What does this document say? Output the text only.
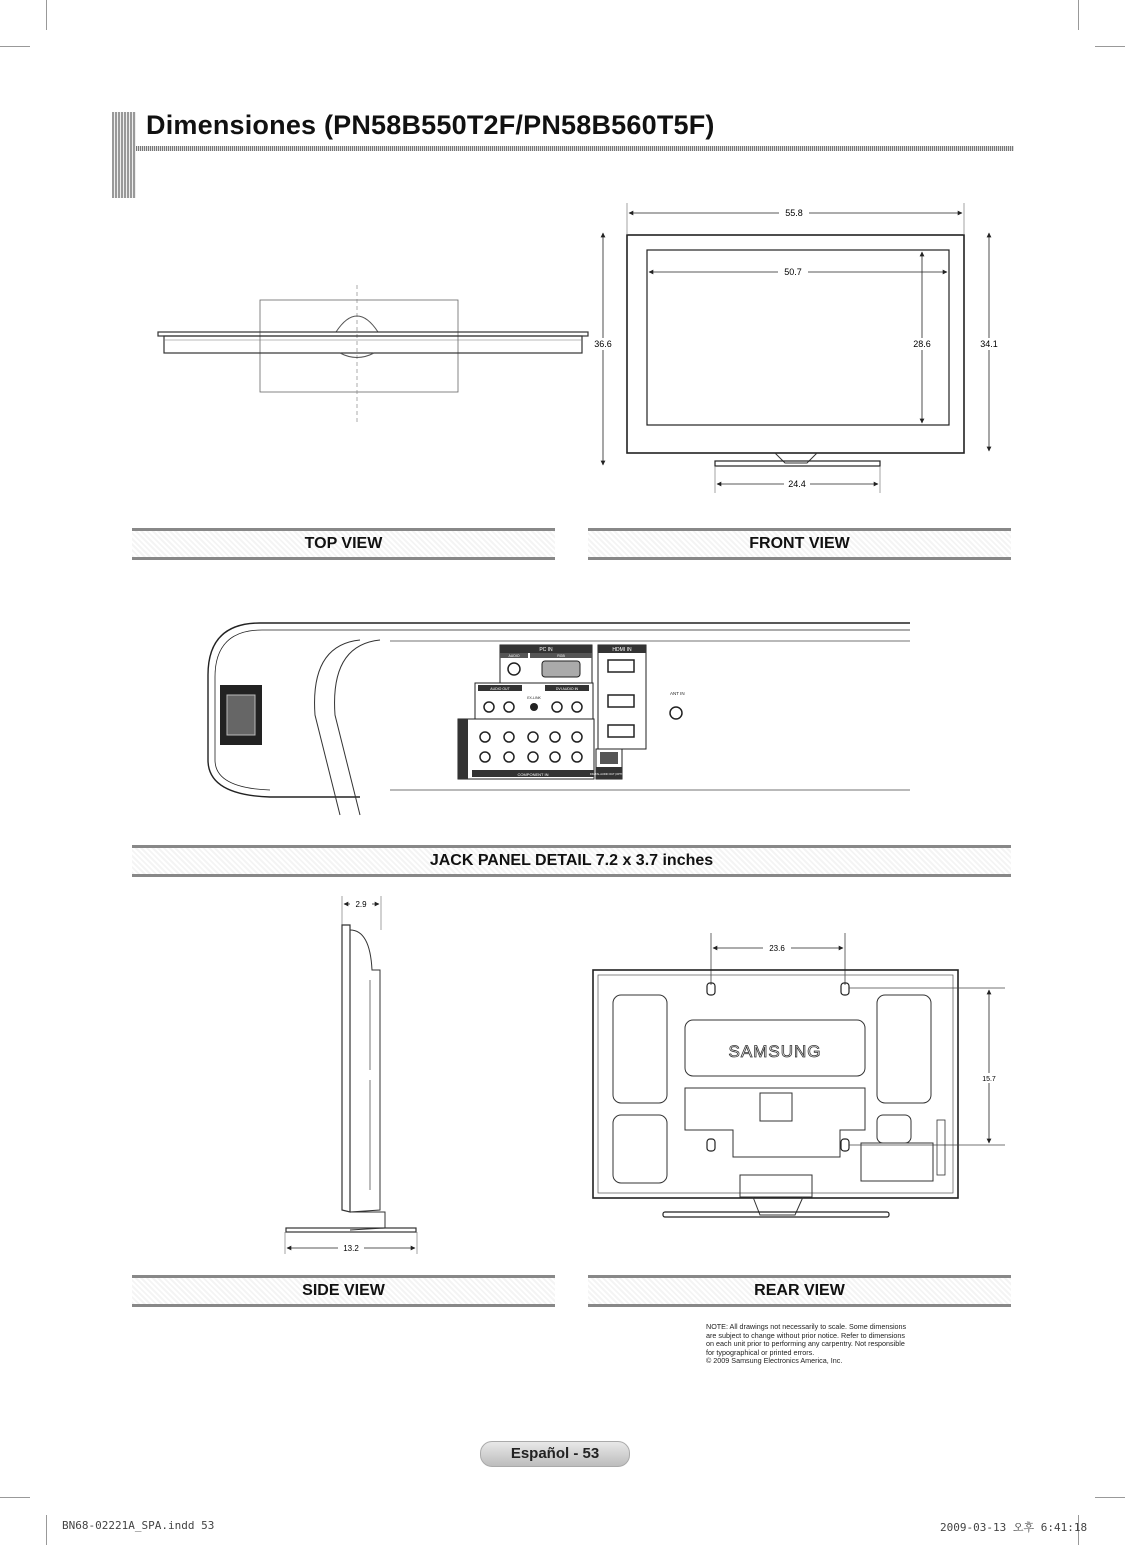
Dimensiones (PN58B550T2F/PN58B560T5F)
55.8
50.7
36.6	28.6	34.1
24.4
TOP VIEW	FRONT VIEW
PC IN
AUDIO	RGB
HDMI IN
ANT IN
AUDIO OUT
EX-LINK
DVI AUDIO IN
COMPONENT IN	DIGITAL AUDIO OUT (OPTICAL)
JACK PANEL DETAIL 7.2 x 3.7 inches
2.9
13.2
23.6
SAMSUNG
15.7
SIDE VIEW	REAR VIEW
NOTE: All drawings not necessarily to scale. Some dimensions are subject to change without prior notice. Refer to dimensions on each unit prior to performing any carpentry. Not responsible for typographical or printed errors.
© 2009 Samsung Electronics America, Inc.
Español - 53
BN68-02221A_SPA.indd 53	2009-03-13 오후 6:41:18
